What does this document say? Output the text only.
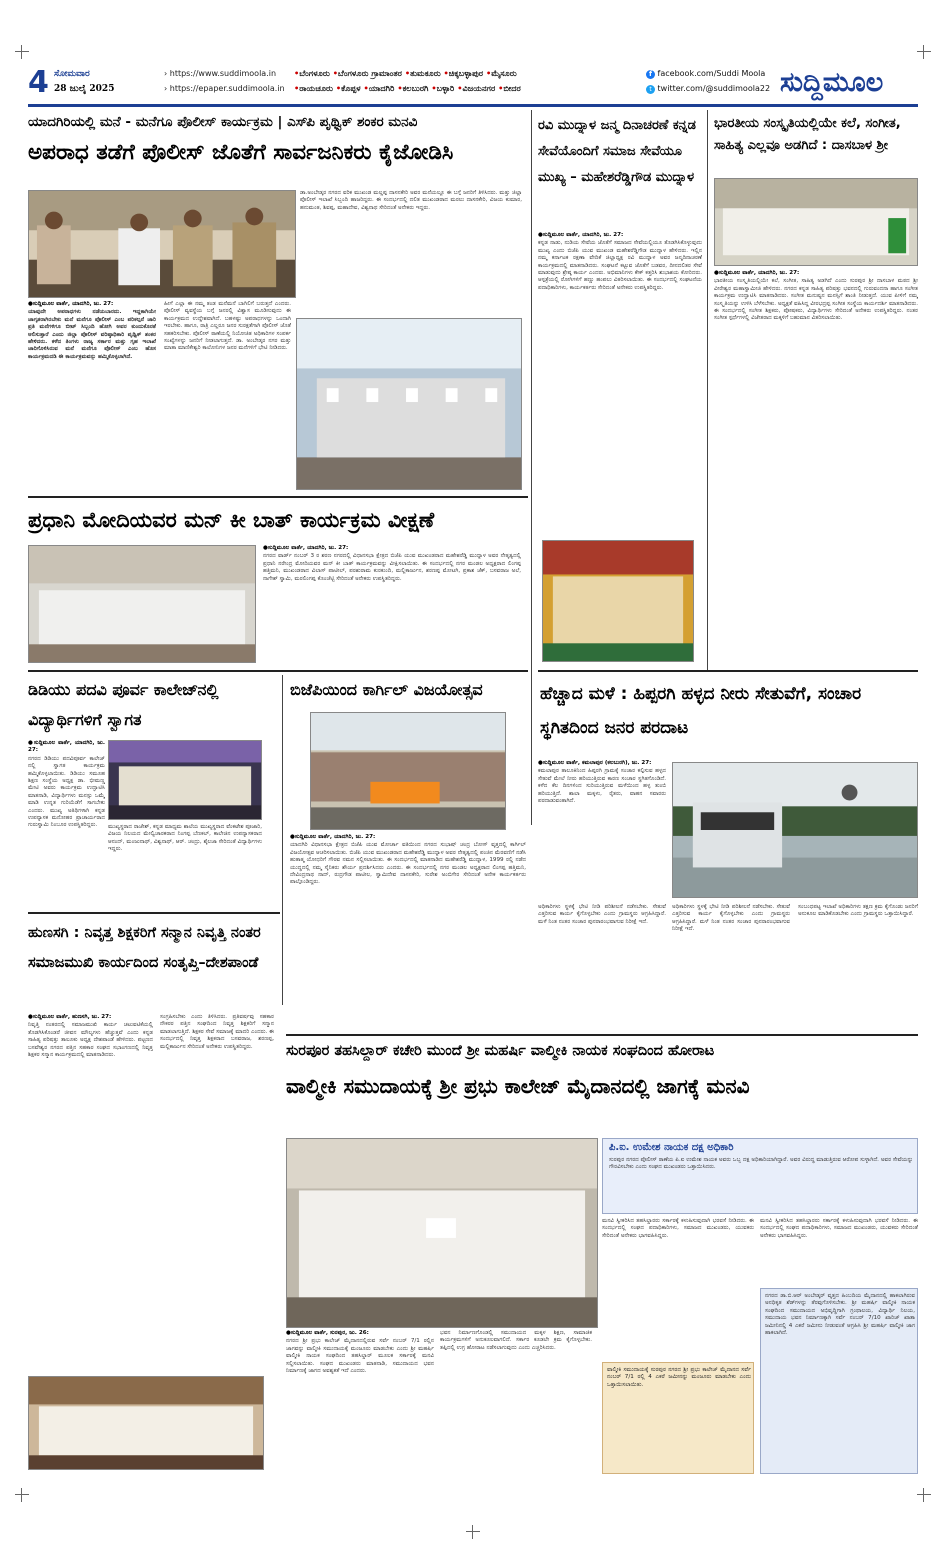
4 ಸೋಮವಾರ
28 ಜುಲೈ 2025
› https://www.suddimoola.in
› https://epaper.suddimoola.in
•ಬೆಂಗಳೂರು •ಬೆಂಗಳೂರು ಗ್ರಾಮಾಂತರ •ತುಮಕೂರು •ಚಿಕ್ಕಬಳ್ಳಾಪುರ •ಮೈಸೂರು
•ರಾಯಚೂರು •ಕೊಪ್ಪಳ •ಯಾದಗಿರಿ •ಕಲಬುರಗಿ •ಬಳ್ಳಾರಿ •ವಿಜಯನಗರ •ಬೀದರ
f facebook.com/Suddi Moola
t twitter.com/@suddimoola22 ಸುದ್ದಿಮೂಲ
ಯಾದಗಿರಿಯಲ್ಲಿ ಮನೆ - ಮನೆಗೂ ಪೊಲೀಸ್ ಕಾರ್ಯಕ್ರಮ | ಎಸ್‍ಪಿ ಪೃಥ್ವಿಕ್ ಶಂಕರ ಮನವಿ
ಅಪರಾಧ ತಡೆಗೆ ಪೊಲೀಸ್ ಜೊತೆಗೆ ಸಾರ್ವಜನಿಕರು ಕೈಜೋಡಿಸಿ

●ಸುದ್ದಿಮೂಲ ವಾರ್ತೆ, ಯಾದಗಿರಿ, ಜು. 27:

ಯಾವುದೇ ಅಪರಾಧಗಳು ನಡೆಯಬಾರದು. ಇದ್ದಕಾಗಿಯೇ ಜಾಗೃತರಾಗಿರಬೇಕು ಮನೆ ಮನೆಗೂ ಪೊಲೀಸ್ ಎಂಬ ಪರಿಕಲ್ಪನೆ ಜಾರಿ ಪ್ರತಿ ಮನೆಗಳಿಗೂ ಬೀಟ್ ಸಿಬ್ಬಂದಿ ಹೋಗಿ ಅವರ ಕುಂದುಕೊರತೆ ಆಲಿಸುತ್ತಾರೆ ಎಂದು ಜಿಲ್ಲಾ ಪೊಲೀಸ್ ವರಿಷ್ಠಾಧಿಕಾರಿ ಪೃಥ್ವಿಕ್ ಶಂಕರ ಹೇಳಿದರು. ಕಳೆದ ತಿಂಗಳು ರಾಜ್ಯ ಸರ್ಕಾರ ಮತ್ತು ಗೃಹ ಇಲಾಖೆ ಜಾರಿಗೊಳಿಸಿರುವ ಮನೆ ಮನೆಗೂ ಪೊಲೀಸ್ ಎಂಬ ಹೊಸ ಕಾರ್ಯಕ್ರಮದಡಿ ಈ ಕಾರ್ಯಕ್ರಮವನ್ನು ಹಮ್ಮಿಕೊಳ್ಳಲಾಗಿದೆ.

ಹೀಗೆ ಎಲ್ಲಾ ಈ ನಮ್ಮ ತಂಡ ಮನೆಮನೆ ಬಾಗಿಲಿಗೆ ಬರುತ್ತದೆ ಎಂದರು. ಪೊಲೀಸ್ ವ್ಯವಸ್ಥೆಯ ಬಗ್ಗೆ ಜನರಲ್ಲಿ ವಿಶ್ವಾಸ ಮೂಡಿಸುವುದು ಈ ಕಾರ್ಯಕ್ರಮದ ಉದ್ದೇಶವಾಗಿದೆ. ಬಹಳಷ್ಟು ಅಪರಾಧಗಳನ್ನು ಒಂದಾಗಿ ಇರಬೇಕು. ಹಾಗೂ, ರಾತ್ರಿ ಎಲ್ಲರೂ ಜನರ ಸುರಕ್ಷತೆಗಾಗಿ ಪೊಲೀಸ್ ಜೊತೆ ಸಹಕರಿಸಬೇಕು. ಪೊಲೀಸ್ ಠಾಣೆಯಲ್ಲಿ ನಿಯೋಜಿತ ಅಧಿಕಾರಿಗಳ ಸಂಪರ್ಕ ಸಂಖ್ಯೆಗಳನ್ನು ಜನರಿಗೆ ನೀಡಲಾಗುತ್ತದೆ. ಡಾ. ಅಂಬೇಡ್ಕರ ನಗರ ಮತ್ತು ಮಾತಾ ಮಾಣಿಕೇಶ್ವರಿ ಕಾಲೋನಿಗಳ ಜನರ ಮನೆಗಳಿಗೆ ಭೇಟಿ ನೀಡಿದರು.

ಡಾ.ಅಂಬೇಡ್ಕರ ನಗರದ ವರಿಕ ಮುಖಂಡ ಮಲ್ಲಪ್ಪ ದಾಸನಕೇರಿ ಅವರ ಮನೆಯಲ್ಲೂ ಈ ಬಗ್ಗೆ ಜನರಿಗೆ ತಿಳಿಸಿದರು. ಮತ್ತು ಜಿಲ್ಲಾ ಪೊಲೀಸ್ ಇಲಾಖೆ ಸಿಬ್ಬಂದಿ ಹಾಜರಿದ್ದರು. ಈ ಸಂದರ್ಭದಲ್ಲಿ ದಲಿತ ಮುಖಂಡರಾದ ಮರಲು ದಾಸನಕೇರಿ, ವಿಜಯ ಕುಮಾರ, ಹನುಮಂತ, ಶಿವಪ್ಪ, ಮಹಾದೇವ, ವಿಶ್ವನಾಥ ಸೇರಿದಂತೆ ಅನೇಕರು ಇದ್ದರು.

ಪ್ರಧಾನಿ ಮೋದಿಯವರ ಮನ್ ಕೀ ಬಾತ್ ಕಾರ್ಯಕ್ರಮ ವೀಕ್ಷಣೆ

●ಸುದ್ದಿಮೂಲ ವಾರ್ತೆ, ಯಾದಗಿರಿ, ಜು. 27:

ನಗರದ ವಾರ್ಡ್ ನಂಬರ್ 3 ರ ಶರಣ ನಗರದಲ್ಲಿ ವಿಧಾನಸಭಾ ಕ್ಷೇತ್ರದ ಬಿಜೆಪಿ ಯುವ ಮುಖಂಡರಾದ ಮಹೇಶರೆಡ್ಡಿ ಮುದ್ನಾಳ ಅವರ ನೇತೃತ್ವದಲ್ಲಿ ಪ್ರಧಾನಿ ನರೇಂದ್ರ ಮೋದಿಯವರ ಮನ್ ಕೀ ಬಾತ್ ಕಾರ್ಯಕ್ರಮವನ್ನು ವೀಕ್ಷಿಸಲಾಯಿತು. ಈ ಸಂದರ್ಭದಲ್ಲಿ ನಗರ ಮಂಡಲ ಅಧ್ಯಕ್ಷರಾದ ಲಿಂಗಪ್ಪ ಹತ್ತಿಮನಿ, ಮುಖಂಡರಾದ ವಿಲಾಸ್ ಪಾಟೀಲ್, ಪರಶುರಾಮ ಕುರಕುಂದಿ, ಮಲ್ಲಿಕಾರ್ಜುನ, ಶರಣಪ್ಪ ಮೋಟಗಿ, ಪ್ರಕಾಶ ಜೆಕ್, ಬಸವರಾಜ ಅಲೆ, ನಾಗೇಶ್ ಸ್ವಾಮಿ, ಮರಲಿಂಗಪ್ಪ ಕೊಂಚೆಟ್ಟಿ ಸೇರಿದಂತೆ ಅನೇಕರು ಉಪಸ್ಥಿತರಿದ್ದರು.

ಡಿಡಿಯು ಪದವಿ ಪೂರ್ವ ಕಾಲೇಜ್‍ನಲ್ಲಿ ವಿದ್ಯಾರ್ಥಿಗಳಿಗೆ ಸ್ವಾಗತ

●ಸುದ್ದಿಮೂಲ ವಾರ್ತೆ, ಯಾದಗಿರಿ, ಜು. 27:

ನಗರದ ಡಿಡಿಯು ಪದವಿಪೂರ್ವ ಕಾಲೇಜ್ ನಲ್ಲಿ ಸ್ವಾಗತ ಕಾರ್ಯಕ್ರಮ ಹಮ್ಮಿಕೊಳ್ಳಲಾಯಿತು. ಡಿಡಿಯು ಸಮೂಹ ಶಿಕ್ಷಣ ಸಂಸ್ಥೆಯ ಅಧ್ಯಕ್ಷ ಡಾ. ಭೀಮಣ್ಣ ಮೇಟಿ ಅವರು ಕಾರ್ಯಕ್ರಮ ಉದ್ಘಾಟಿಸಿ ಮಾತನಾಡಿ, ವಿದ್ಯಾರ್ಥಿಗಳು ಮನಸ್ಸು ಒಮ್ಮೆ ಮಾಡಿ ಉನ್ನತ ಗುರಿಯೆಡೆಗೆ ಸಾಗಬೇಕು ಎಂದರು. ಮುಖ್ಯ ಅತಿಥಿಗಳಾಗಿ ಕನ್ನಡ ಉಪನ್ಯಾಸಕ ಮನೋಹರ ಪ್ರಾಚಾರ್ಯರಾದ ಗುರುಸ್ವಾಮಿ ನಿಂಬೂರ ಉಪಸ್ಥಿತರಿದ್ದರು.	ಮುಖ್ಯಸ್ಥರಾದ ರಾಜೇಶ್, ಕನ್ನಡ ಮಾಧ್ಯಮ ಶಾಲೆಯ ಮುಖ್ಯಸ್ಥರಾದ ವೆಂಕಟೇಶ ಪೂಜಾರಿ, ವಿಜಯ ನಿಲಯದ ಮೇಲ್ವಿಚಾರಕರಾದ ನಿಂಗಪ್ಪ ಬೆಣಕಲ್, ಕಾಲೇಜಿನ ಉಪನ್ಯಾಸಕರಾದ ಆನಂದ್, ಮಂಜುನಾಥ್, ವಿಶ್ವನಾಥ್, ಆರ್. ಚಂದ್ರು, ಶೈಲಜಾ ಸೇರಿದಂತೆ ವಿದ್ಯಾರ್ಥಿಗಳು ಇದ್ದರು.

ಬಿಜೆಪಿಯಿಂದ ಕಾರ್ಗಿಲ್ ವಿಜಯೋತ್ಸವ

●ಸುದ್ದಿಮೂಲ ವಾರ್ತೆ, ಯಾದಗಿರಿ, ಜು. 27:

ಯಾದಗಿರಿ ವಿಧಾನಸಭಾ ಕ್ಷೇತ್ರದ ಬಿಜೆಪಿ ಯುವ ಮೋರ್ಚಾ ವತಿಯಿಂದ ನಗರದ ಸುಭಾಷ್ ಚಂದ್ರ ಬೋಸ್ ವೃತ್ತದಲ್ಲಿ ಕಾರ್ಗಿಲ್ ವಿಜಯೋತ್ಸವ ಆಚರಿಸಲಾಯಿತು. ಬಿಜೆಪಿ ಯುವ ಮುಖಂಡರಾದ ಮಹೇಶರೆಡ್ಡಿ ಮುದ್ನಾಳ ಅವರ ನೇತೃತ್ವದಲ್ಲಿ ಪಂಜಿನ ಮೆರವಣಿಗೆ ನಡೆಸಿ ಹುತಾತ್ಮ ಯೋಧರಿಗೆ ಗೌರವ ನಮನ ಸಲ್ಲಿಸಲಾಯಿತು. ಈ ಸಂದರ್ಭದಲ್ಲಿ ಮಾತನಾಡಿದ ಮಹೇಶರೆಡ್ಡಿ ಮುದ್ನಾಳ, 1999 ರಲ್ಲಿ ನಡೆದ ಯುದ್ಧದಲ್ಲಿ ನಮ್ಮ ಸೈನಿಕರು ಶೌರ್ಯ ಪ್ರದರ್ಶಿಸಿದರು ಎಂದರು. ಈ ಸಂದರ್ಭದಲ್ಲಿ ನಗರ ಮಂಡಲ ಅಧ್ಯಕ್ಷರಾದ ಲಿಂಗಪ್ಪ ಹತ್ತಿಮನಿ, ದೇವಿಂದ್ರನಾಥ ನಾದ್, ರುದ್ರಗೌಡ ಪಾಟೀಲ, ಸ್ವಾಮಿದೇವ ದಾಸನಕೇರಿ, ಸುರೇಶ ಅಂಬಿಗೇರ ಸೇರಿದಂತೆ ಅನೇಕ ಕಾರ್ಯಕರ್ತರು ಪಾಲ್ಗೊಂಡಿದ್ದರು.

ಹುಣಸಗಿ : ನಿವೃತ್ತ ಶಿಕ್ಷಕರಿಗೆ ಸನ್ಮಾನ ನಿವೃತ್ತಿ ನಂತರ ಸಮಾಜಮುಖಿ ಕಾರ್ಯದಿಂದ ಸಂತೃಪ್ತಿ–ದೇಶಪಾಂಡೆ

●ಸುದ್ದಿಮೂಲ ವಾರ್ತೆ, ಹುಣಸಗಿ, ಜು. 27:

ನಿವೃತ್ತಿ ನಂತರದಲ್ಲಿ ಸಮಾಜಮುಖಿ ಕಾರ್ಯ ಚಟುವಟಿಕೆಯಲ್ಲಿ ತೊಡಗಿಸಿಕೊಂಡರೆ ಜೀವನ ಮೌಲ್ಯಗಳು ಹೆಚ್ಚುತ್ತವೆ ಎಂದು ಕನ್ನಡ ಸಾಹಿತ್ಯ ಪರಿಷತ್ತು ತಾಲೂಕು ಅಧ್ಯಕ್ಷ ದೇಶಪಾಂಡೆ ಹೇಳಿದರು. ಪಟ್ಟಣದ ಬಸವೇಶ್ವರ ನಗರದ ಪತ್ತಿನ ಸಹಕಾರ ಸಂಘದ ಸಭಾಂಗಣದಲ್ಲಿ ನಿವೃತ್ತ ಶಿಕ್ಷಕರ ಸನ್ಮಾನ ಕಾರ್ಯಕ್ರಮದಲ್ಲಿ ಮಾತನಾಡಿದರು.

ಸಂಗ್ರಹಿಸಬೇಕು ಎಂದು ತಿಳಿಸಿದರು. ಪ್ರತಿವರ್ಷವು ಸಹಕಾರ ನೌಕರರ ಪತ್ತಿನ ಸಂಘದಿಂದ ನಿವೃತ್ತ ಶಿಕ್ಷಕರಿಗೆ ಸನ್ಮಾನ ಮಾಡಲಾಗುತ್ತಿದೆ. ಶಿಕ್ಷಕರ ಸೇವೆ ಸಮಾಜಕ್ಕೆ ಮಾದರಿ ಎಂದರು. ಈ ಸಂದರ್ಭದಲ್ಲಿ ನಿವೃತ್ತ ಶಿಕ್ಷಕರಾದ ಬಸವರಾಜ, ಶರಣಪ್ಪ, ಮಲ್ಲಿಕಾರ್ಜುನ ಸೇರಿದಂತೆ ಅನೇಕರು ಉಪಸ್ಥಿತರಿದ್ದರು.

ಭಾರತೀಯ ಸಂಸ್ಕೃತಿಯಲ್ಲಿಯೇ ಕಲೆ, ಸಂಗೀತ, ಸಾಹಿತ್ಯ ಎಲ್ಲವೂ ಅಡಗಿದೆ : ದಾಸಬಾಳ ಶ್ರೀ

●ಸುದ್ದಿಮೂಲ ವಾರ್ತೆ, ಯಾದಗಿರಿ, ಜು. 27:

ಭಾರತೀಯ ಸಂಸ್ಕೃತಿಯಲ್ಲಿಯೇ ಕಲೆ, ಸಂಗೀತ, ಸಾಹಿತ್ಯ ಅಡಗಿದೆ ಎಂದು ಸುರಪುರ ಶ್ರೀ ದಾಸಬಾಳ ಮಠದ ಶ್ರೀ ವೀರೇಶ್ವರ ಮಹಾಸ್ವಾಮೀಜಿ ಹೇಳಿದರು. ನಗರದ ಕನ್ನಡ ಸಾಹಿತ್ಯ ಪರಿಷತ್ತು ಭವನದಲ್ಲಿ ಗುರುವಂದನಾ ಹಾಗೂ ಸಂಗೀತ ಕಾರ್ಯಕ್ರಮ ಉದ್ಘಾಟಿಸಿ ಮಾತನಾಡಿದರು. ಸಂಗೀತ ಮನುಷ್ಯನ ಮನಸ್ಸಿಗೆ ಶಾಂತಿ ನೀಡುತ್ತದೆ. ಯುವ ಪೀಳಿಗೆ ನಮ್ಮ ಸಂಸ್ಕೃತಿಯನ್ನು ಉಳಿಸಿ ಬೆಳೆಸಬೇಕು. ಅಧ್ಯಕ್ಷತೆ ವಹಿಸಿದ್ದ ವೀರಭದ್ರಪ್ಪ ಸಂಗೀತ ಸಂಸ್ಥೆಯ ಕಾರ್ಯದರ್ಶಿ ಮಾತನಾಡಿದರು. ಈ ಸಂದರ್ಭದಲ್ಲಿ ಸಂಗೀತ ಶಿಕ್ಷಕರು, ಪೋಷಕರು, ವಿದ್ಯಾರ್ಥಿಗಳು ಸೇರಿದಂತೆ ಅನೇಕರು ಉಪಸ್ಥಿತರಿದ್ದರು. ನಂತರ ಸಂಗೀತ ಸ್ಪರ್ಧೆಗಳಲ್ಲಿ ವಿಜೇತರಾದ ಮಕ್ಕಳಿಗೆ ಬಹುಮಾನ ವಿತರಿಸಲಾಯಿತು.

ರವಿ ಮುದ್ನಾಳ ಜನ್ಮ ದಿನಾಚರಣೆ ಕನ್ನಡ ಸೇವೆಯೊಂದಿಗೆ ಸಮಾಜ ಸೇವೆಯೂ ಮುಖ್ಯ – ಮಹೇಶರೆಡ್ಡಿಗೌಡ ಮುದ್ನಾಳ

●ಸುದ್ದಿಮೂಲ ವಾರ್ತೆ, ಯಾದಗಿರಿ, ಜು. 27:

ಕನ್ನಡ ನಾಡು, ನುಡಿಯ ಸೇವೆಯ ಜೊತೆಗೆ ಸಮಾಜದ ಸೇವೆಯಲ್ಲಿಯೂ ತೊಡಗಿಸಿಕೊಳ್ಳುವುದು ಮುಖ್ಯ ಎಂದು ಬಿಜೆಪಿ ಯುವ ಮುಖಂಡ ಮಹೇಶರೆಡ್ಡಿಗೌಡ ಮುದ್ನಾಳ ಹೇಳಿದರು. ಇಲ್ಲಿನ ನಮ್ಮ ಕರ್ನಾಟಕ ರಕ್ಷಣಾ ವೇದಿಕೆ ಜಿಲ್ಲಾಧ್ಯಕ್ಷ ರವಿ ಮುದ್ನಾಳ ಅವರ ಜನ್ಮದಿನಾಚರಣೆ ಕಾರ್ಯಕ್ರಮದಲ್ಲಿ ಮಾತನಾಡಿದರು. ಸಂಘಟನೆ ಕಟ್ಟುವ ಜೊತೆಗೆ ಬಡವರ, ದೀನದಲಿತರ ಸೇವೆ ಮಾಡುವುದು ಶ್ರೇಷ್ಠ ಕಾರ್ಯ ಎಂದರು. ಅಭಿಮಾನಿಗಳು ಕೇಕ್ ಕತ್ತರಿಸಿ ಶುಭಾಶಯ ಕೋರಿದರು. ಆಸ್ಪತ್ರೆಯಲ್ಲಿ ರೋಗಿಗಳಿಗೆ ಹಣ್ಣು ಹಂಪಲು ವಿತರಿಸಲಾಯಿತು. ಈ ಸಂದರ್ಭದಲ್ಲಿ ಸಂಘಟನೆಯ ಪದಾಧಿಕಾರಿಗಳು, ಕಾರ್ಯಕರ್ತರು ಸೇರಿದಂತೆ ಅನೇಕರು ಉಪಸ್ಥಿತರಿದ್ದರು.

ಹೆಚ್ಚಾದ ಮಳೆ : ಹಿಪ್ಪರಗಿ ಹಳ್ಳದ ನೀರು ಸೇತುವೆಗೆ, ಸಂಚಾರ ಸ್ಥಗಿತದಿಂದ ಜನರ ಪರದಾಟ

●ಸುದ್ದಿಮೂಲ ವಾರ್ತೆ, ಕಮಲಾಪುರ (ಕಲಬುರಗಿ), ಜು. 27:

ಕಮಲಾಪುರ ತಾಲೂಕಿನಿಂದ ಹಿಪ್ಪರಗಿ ಗ್ರಾಮಕ್ಕೆ ಸಂಚಾರ ಕಲ್ಪಿಸುವ ಹಳ್ಳದ ಸೇತುವೆ ಮೇಲೆ ನೀರು ಹರಿಯುತ್ತಿರುವ ಕಾರಣ ಸಂಚಾರ ಸ್ಥಗಿತಗೊಂಡಿದೆ. ಕಳೆದ ಕೆಲ ದಿನಗಳಿಂದ ಸುರಿಯುತ್ತಿರುವ ಮಳೆಯಿಂದ ಹಳ್ಳ ತುಂಬಿ ಹರಿಯುತ್ತಿದೆ. ಶಾಲಾ ಮಕ್ಕಳು, ರೈತರು, ವಾಹನ ಸವಾರರು ಪರದಾಡುವಂತಾಗಿದೆ.

ಅಧಿಕಾರಿಗಳು ಸ್ಥಳಕ್ಕೆ ಭೇಟಿ ನೀಡಿ ಪರಿಶೀಲನೆ ನಡೆಸಬೇಕು. ಸೇತುವೆ ಎತ್ತರಿಸುವ ಕಾರ್ಯ ಕೈಗೊಳ್ಳಬೇಕು ಎಂದು ಗ್ರಾಮಸ್ಥರು ಆಗ್ರಹಿಸಿದ್ದಾರೆ. ಮಳೆ ನಿಂತ ನಂತರ ಸಂಚಾರ ಪುನರಾರಂಭವಾಗುವ ನಿರೀಕ್ಷೆ ಇದೆ.

ಸಂಬಂಧಪಟ್ಟ ಇಲಾಖೆ ಅಧಿಕಾರಿಗಳು ತಕ್ಷಣ ಕ್ರಮ ಕೈಗೊಂಡು ಜನರಿಗೆ ಅನುಕೂಲ ಮಾಡಿಕೊಡಬೇಕು ಎಂದು ಗ್ರಾಮಸ್ಥರು ಒತ್ತಾಯಿಸಿದ್ದಾರೆ.

ಅಧಿಕಾರಿಗಳು ಸ್ಥಳಕ್ಕೆ ಭೇಟಿ ನೀಡಿ ಪರಿಶೀಲನೆ ನಡೆಸಬೇಕು. ಸೇತುವೆ ಎತ್ತರಿಸುವ ಕಾರ್ಯ ಕೈಗೊಳ್ಳಬೇಕು ಎಂದು ಗ್ರಾಮಸ್ಥರು ಆಗ್ರಹಿಸಿದ್ದಾರೆ. ಮಳೆ ನಿಂತ ನಂತರ ಸಂಚಾರ ಪುನರಾರಂಭವಾಗುವ ನಿರೀಕ್ಷೆ ಇದೆ.

ಸುರಪೂರ ತಹಸಿಲ್ದಾರ್ ಕಚೇರಿ ಮುಂದೆ ಶ್ರೀ ಮಹರ್ಷಿ ವಾಲ್ಮೀಕಿ ನಾಯಕ ಸಂಘದಿಂದ ಹೋರಾಟ
ವಾಲ್ಮೀಕಿ ಸಮುದಾಯಕ್ಕೆ ಶ್ರೀ ಪ್ರಭು ಕಾಲೇಜ್ ಮೈದಾನದಲ್ಲಿ ಜಾಗಕ್ಕೆ ಮನವಿ

●ಸುದ್ದಿಮೂಲ ವಾರ್ತೆ, ಸುರಪುರ, ಜು. 26:

ನಗರದ ಶ್ರೀ ಪ್ರಭು ಕಾಲೇಜ್ ಮೈದಾನದಲ್ಲಿರುವ ಸರ್ವೆ ನಂಬರ್ 7/1 ರಲ್ಲಿನ ಜಾಗವನ್ನು ವಾಲ್ಮೀಕಿ ಸಮುದಾಯಕ್ಕೆ ಮಂಜೂರು ಮಾಡಬೇಕು ಎಂದು ಶ್ರೀ ಮಹರ್ಷಿ ವಾಲ್ಮೀಕಿ ನಾಯಕ ಸಂಘದಿಂದ ತಹಸಿಲ್ದಾರ್ ಮೂಲಕ ಸರ್ಕಾರಕ್ಕೆ ಮನವಿ ಸಲ್ಲಿಸಲಾಯಿತು. ಸಂಘದ ಮುಖಂಡರು ಮಾತನಾಡಿ, ಸಮುದಾಯದ ಭವನ ನಿರ್ಮಾಣಕ್ಕೆ ಜಾಗದ ಅವಶ್ಯಕತೆ ಇದೆ ಎಂದರು.

ಭವನ ನಿರ್ಮಾಣಗೊಂಡಲ್ಲಿ ಸಮುದಾಯದ ಮಕ್ಕಳ ಶಿಕ್ಷಣ, ಸಾಮಾಜಿಕ ಕಾರ್ಯಕ್ರಮಗಳಿಗೆ ಅನುಕೂಲವಾಗಲಿದೆ. ಸರ್ಕಾರ ಕೂಡಲೇ ಕ್ರಮ ಕೈಗೊಳ್ಳಬೇಕು. ತಪ್ಪಿದಲ್ಲಿ ಉಗ್ರ ಹೋರಾಟ ನಡೆಸಲಾಗುವುದು ಎಂದು ಎಚ್ಚರಿಸಿದರು.

ಪಿ.ಐ. ಉಮೇಶ ನಾಯಕ ದಕ್ಷ ಅಧಿಕಾರಿ
ಸುರಪುರ ನಗರದ ಪೊಲೀಸ್ ಠಾಣೆಯ ಪಿ.ಐ ಉಮೇಶ ನಾಯಕ ಅವರು ಒಬ್ಬ ದಕ್ಷ ಅಧಿಕಾರಿಯಾಗಿದ್ದಾರೆ. ಅವರ ವಿರುದ್ಧ ಮಾಡುತ್ತಿರುವ ಆರೋಪ ಸುಳ್ಳಾಗಿದೆ. ಅವರ ಸೇವೆಯನ್ನು ಗೌರವಿಸಬೇಕು ಎಂದು ಸಂಘದ ಮುಖಂಡರು ಒತ್ತಾಯಿಸಿದರು.

ಮನವಿ ಸ್ವೀಕರಿಸಿದ ತಹಸಿಲ್ದಾರರು ಸರ್ಕಾರಕ್ಕೆ ಕಳುಹಿಸುವುದಾಗಿ ಭರವಸೆ ನೀಡಿದರು. ಈ ಸಂದರ್ಭದಲ್ಲಿ ಸಂಘದ ಪದಾಧಿಕಾರಿಗಳು, ಸಮಾಜದ ಮುಖಂಡರು, ಯುವಕರು ಸೇರಿದಂತೆ ಅನೇಕರು ಭಾಗವಹಿಸಿದ್ದರು.

ಮನವಿ ಸ್ವೀಕರಿಸಿದ ತಹಸಿಲ್ದಾರರು ಸರ್ಕಾರಕ್ಕೆ ಕಳುಹಿಸುವುದಾಗಿ ಭರವಸೆ ನೀಡಿದರು. ಈ ಸಂದರ್ಭದಲ್ಲಿ ಸಂಘದ ಪದಾಧಿಕಾರಿಗಳು, ಸಮಾಜದ ಮುಖಂಡರು, ಯುವಕರು ಸೇರಿದಂತೆ ಅನೇಕರು ಭಾಗವಹಿಸಿದ್ದರು.

ವಾಲ್ಮೀಕಿ ಸಮುದಾಯಕ್ಕೆ ಸುರಪುರ ನಗರದ ಶ್ರೀ ಪ್ರಭು ಕಾಲೇಜ್ ಮೈದಾನದ ಸರ್ವೆ ನಂಬರ್ 7/1 ರಲ್ಲಿ 4 ಎಕರೆ ಜಮೀನನ್ನು ಮಂಜೂರು ಮಾಡಬೇಕು ಎಂದು ಒತ್ತಾಯಿಸಲಾಯಿತು.
ನಗರದ ಡಾ.ಬಿ.ಆರ್ ಅಂಬೇಡ್ಕರ್ ವೃತ್ತದ ಹಿಂಬದಿಯ ಮೈದಾನದಲ್ಲಿ ಹಾಕಲಾಗಿರುವ ಅನಧಿಕೃತ ಶೆಡ್‍ಗಳನ್ನು ತೆರವುಗೊಳಿಸಬೇಕು. ಶ್ರೀ ಮಹರ್ಷಿ ವಾಲ್ಮೀಕಿ ನಾಯಕ ಸಂಘದಿಂದ ಸಮುದಾಯದ ಅಭಿವೃದ್ಧಿಗಾಗಿ ಗ್ರಂಥಾಲಯ, ವಿದ್ಯಾರ್ಥಿ ನಿಲಯ, ಸಮುದಾಯ ಭವನ ನಿರ್ಮಾಣಕ್ಕಾಗಿ ಸರ್ವೆ ನಂಬರ್ 7/10 ಖಾರಿಜ್ ಖಾತಾ ಜಮೀನಿನಲ್ಲಿ 4 ಎಕರೆ ಜಮೀನು ನೀಡುವಂತೆ ಆಗ್ರಹಿಸಿ ಶ್ರೀ ಮಹರ್ಷಿ ವಾಲ್ಮೀಕಿ ಜಾಗ ಹಾಕಲಾಗಿದೆ.
